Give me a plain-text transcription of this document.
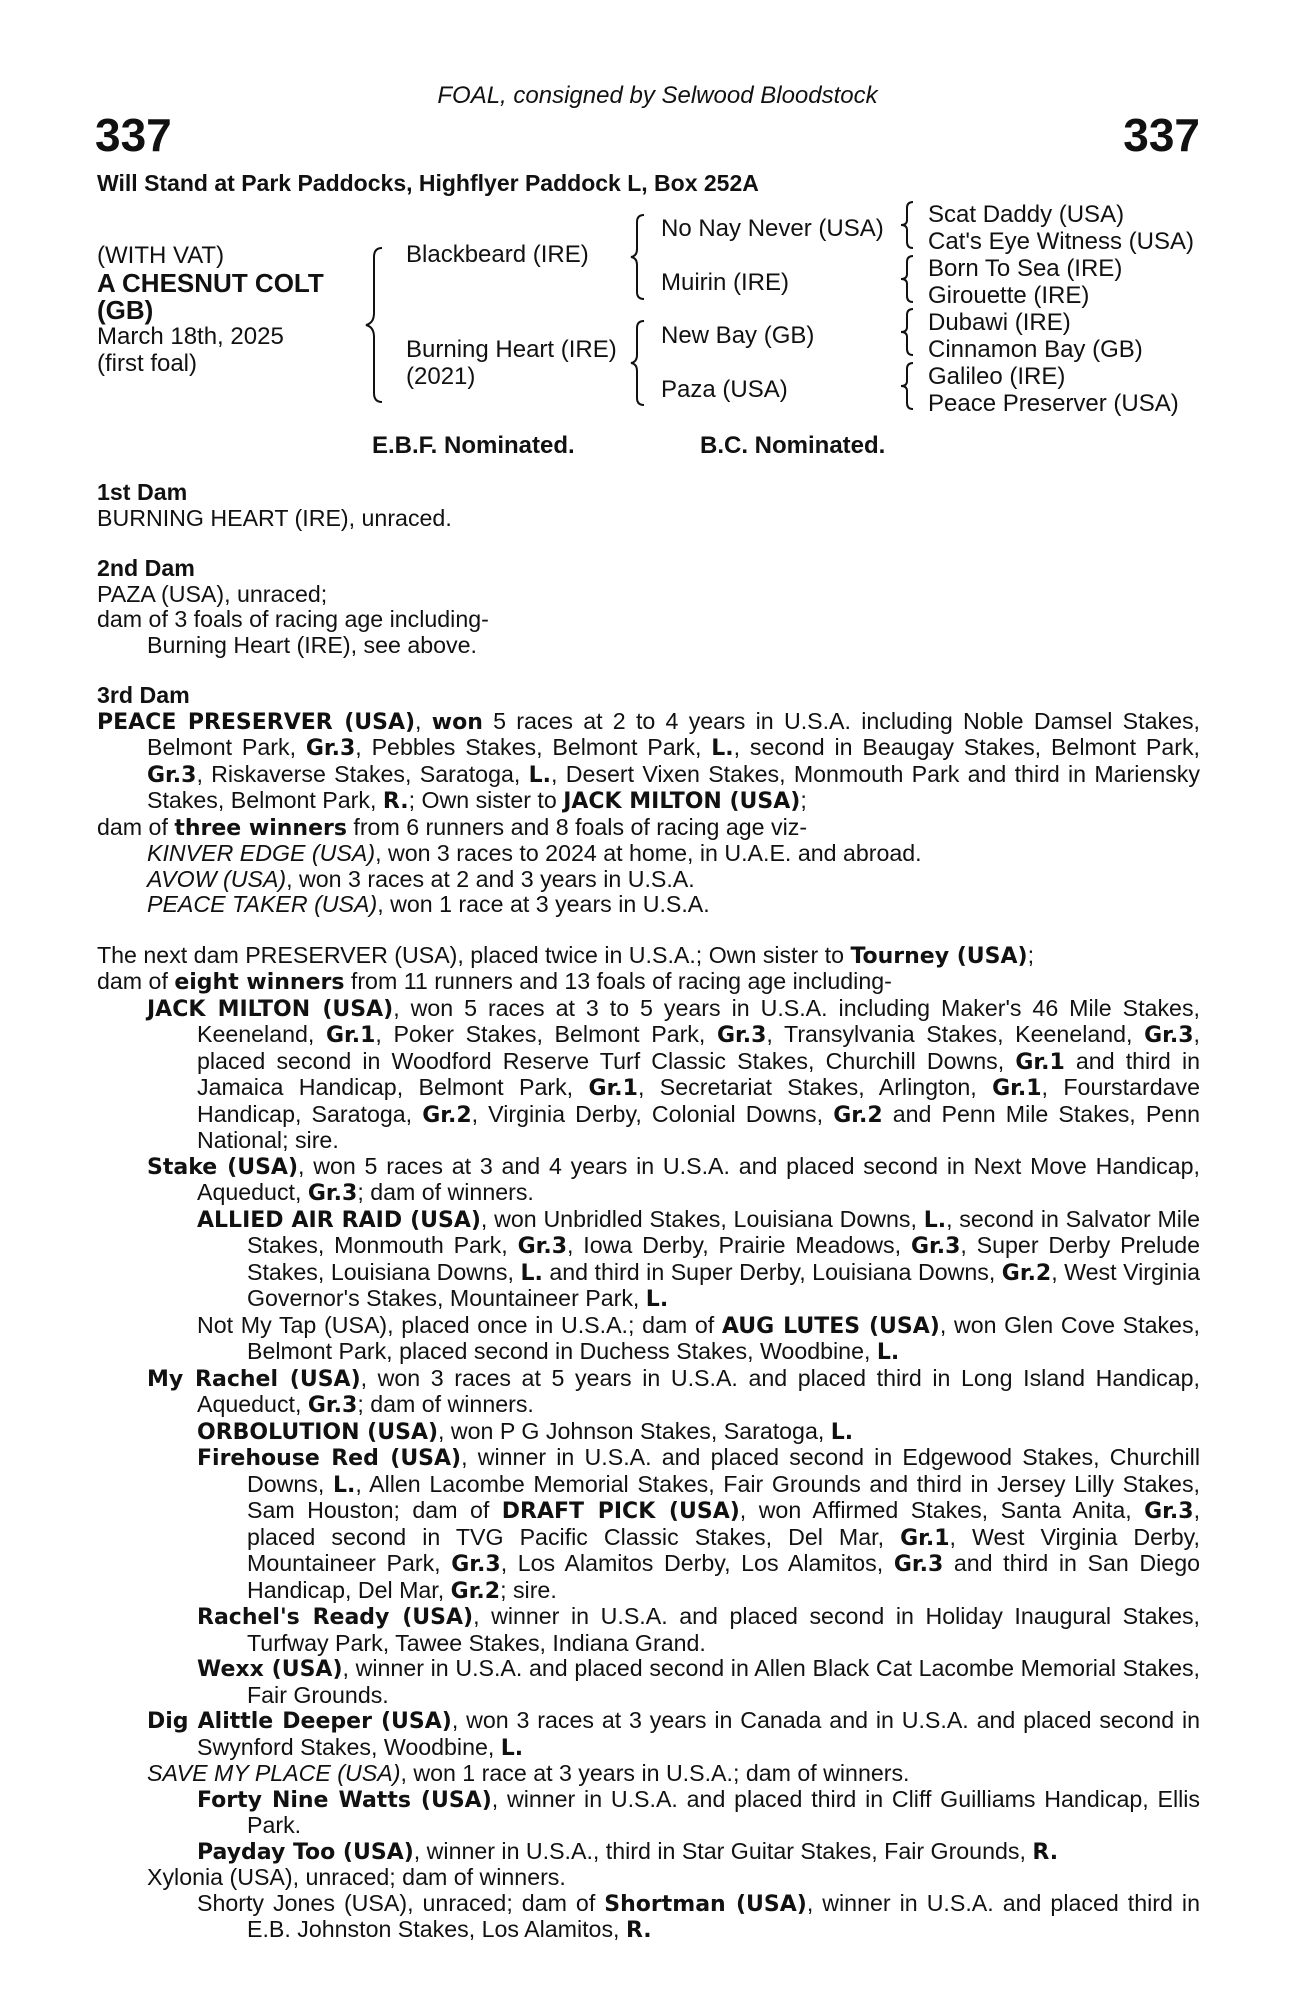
FOAL, consigned by Selwood Bloodstock
337	337
Will Stand at Park Paddocks, Highflyer Paddock L, Box 252A
(WITH VAT)
A CHESNUT COLT
(GB)
March 18th, 2025
(first foal)
Blackbeard (IRE)
Burning Heart (IRE)
(2021)
No Nay Never (USA)
Muirin (IRE)
New Bay (GB)
Paza (USA)
Scat Daddy (USA)
Cat's Eye Witness (USA)
Born To Sea (IRE)
Girouette (IRE)
Dubawi (IRE)
Cinnamon Bay (GB)
Galileo (IRE)
Peace Preserver (USA)
E.B.F. Nominated.	B.C. Nominated.

1st Dam

BURNING HEART (IRE), unraced.

2nd Dam

PAZA (USA), unraced;

dam of 3 foals of racing age including-

Burning Heart (IRE), see above.

3rd Dam

PEACE PRESERVER (USA), won 5 races at 2 to 4 years in U.S.A. including Noble Damsel Stakes, Belmont Park, Gr.3, Pebbles Stakes, Belmont Park, L., second in Beaugay Stakes, Belmont Park, Gr.3, Riskaverse Stakes, Saratoga, L., Desert Vixen Stakes, Monmouth Park and third in Mariensky Stakes, Belmont Park, R.; Own sister to JACK MILTON (USA);

dam of three winners from 6 runners and 8 foals of racing age viz-

KINVER EDGE (USA), won 3 races to 2024 at home, in U.A.E. and abroad.

AVOW (USA), won 3 races at 2 and 3 years in U.S.A.

PEACE TAKER (USA), won 1 race at 3 years in U.S.A.

The next dam PRESERVER (USA), placed twice in U.S.A.; Own sister to Tourney (USA);

dam of eight winners from 11 runners and 13 foals of racing age including-

JACK MILTON (USA), won 5 races at 3 to 5 years in U.S.A. including Maker's 46 Mile Stakes, Keeneland, Gr.1, Poker Stakes, Belmont Park, Gr.3, Transylvania Stakes, Keeneland, Gr.3, placed second in Woodford Reserve Turf Classic Stakes, Churchill Downs, Gr.1 and third in Jamaica Handicap, Belmont Park, Gr.1, Secretariat Stakes, Arlington, Gr.1, Fourstardave Handicap, Saratoga, Gr.2, Virginia Derby, Colonial Downs, Gr.2 and Penn Mile Stakes, Penn National; sire.

Stake (USA), won 5 races at 3 and 4 years in U.S.A. and placed second in Next Move Handicap, Aqueduct, Gr.3; dam of winners.

ALLIED AIR RAID (USA), won Unbridled Stakes, Louisiana Downs, L., second in Salvator Mile Stakes, Monmouth Park, Gr.3, Iowa Derby, Prairie Meadows, Gr.3, Super Derby Prelude Stakes, Louisiana Downs, L. and third in Super Derby, Louisiana Downs, Gr.2, West Virginia Governor's Stakes, Mountaineer Park, L.

Not My Tap (USA), placed once in U.S.A.; dam of AUG LUTES (USA), won Glen Cove Stakes, Belmont Park, placed second in Duchess Stakes, Woodbine, L.

My Rachel (USA), won 3 races at 5 years in U.S.A. and placed third in Long Island Handicap, Aqueduct, Gr.3; dam of winners.

ORBOLUTION (USA), won P G Johnson Stakes, Saratoga, L.

Firehouse Red (USA), winner in U.S.A. and placed second in Edgewood Stakes, Churchill Downs, L., Allen Lacombe Memorial Stakes, Fair Grounds and third in Jersey Lilly Stakes, Sam Houston; dam of DRAFT PICK (USA), won Affirmed Stakes, Santa Anita, Gr.3, placed second in TVG Pacific Classic Stakes, Del Mar, Gr.1, West Virginia Derby, Mountaineer Park, Gr.3, Los Alamitos Derby, Los Alamitos, Gr.3 and third in San Diego Handicap, Del Mar, Gr.2; sire.

Rachel's Ready (USA), winner in U.S.A. and placed second in Holiday Inaugural Stakes, Turfway Park, Tawee Stakes, Indiana Grand.

Wexx (USA), winner in U.S.A. and placed second in Allen Black Cat Lacombe Memorial Stakes, Fair Grounds.

Dig Alittle Deeper (USA), won 3 races at 3 years in Canada and in U.S.A. and placed second in Swynford Stakes, Woodbine, L.

SAVE MY PLACE (USA), won 1 race at 3 years in U.S.A.; dam of winners.

Forty Nine Watts (USA), winner in U.S.A. and placed third in Cliff Guilliams Handicap, Ellis Park.

Payday Too (USA), winner in U.S.A., third in Star Guitar Stakes, Fair Grounds, R.

Xylonia (USA), unraced; dam of winners.

Shorty Jones (USA), unraced; dam of Shortman (USA), winner in U.S.A. and placed third in E.B. Johnston Stakes, Los Alamitos, R.
